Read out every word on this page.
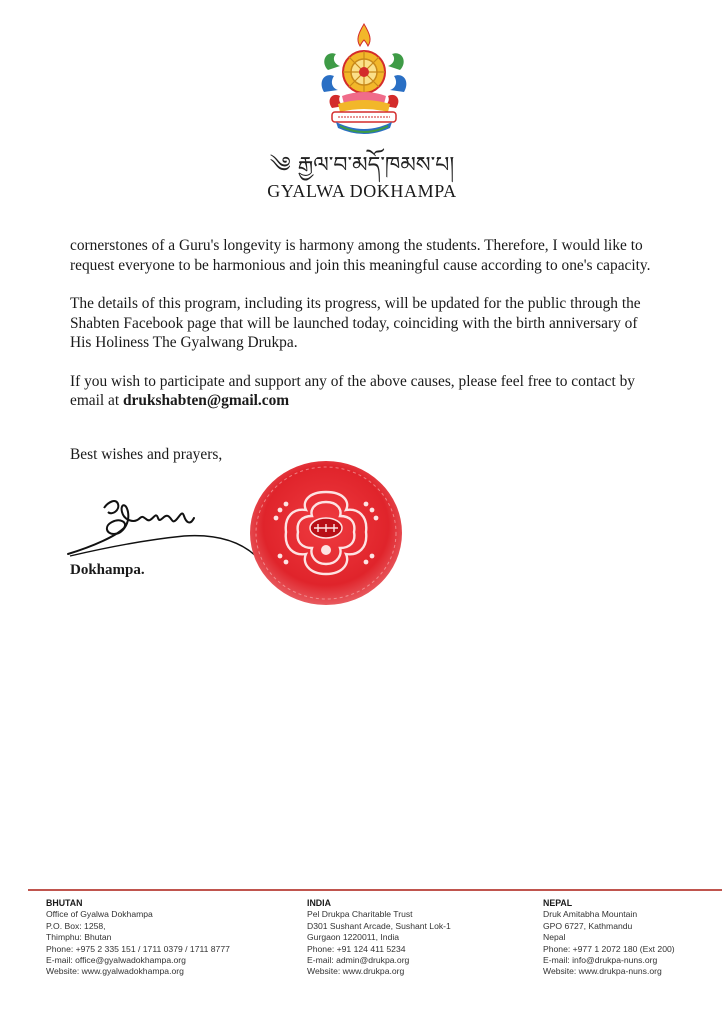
༄ རྒྱལ་བ་མདོ་ཁམས་པ།
GYALWA DOKHAMPA

cornerstones of a Guru's longevity is harmony among the students. Therefore, I would like to request everyone to be harmonious and join this meaningful cause according to one's capacity.

The details of this program, including its progress, will be updated for the public through the Shabten Facebook page that will be launched today, coinciding with the birth anniversary of His Holiness The Gyalwang Drukpa.

If you wish to participate and support any of the above causes, please feel free to contact by email at drukshabten@gmail.com

Best wishes and prayers,
Dokhampa.
BHUTAN
Office of Gyalwa Dokhampa
P.O. Box: 1258,
Thimphu: Bhutan
Phone: +975 2 335 151 / 1711 0379 / 1711 8777
E-mail: office@gyalwadokhampa.org
Website: www.gyalwadokhampa.org
INDIA
Pel Drukpa Charitable Trust
D301 Sushant Arcade, Sushant Lok-1
Gurgaon 1220011, India
Phone: +91 124 411 5234
E-mail: admin@drukpa.org
Website: www.drukpa.org
NEPAL
Druk Amitabha Mountain
GPO 6727, Kathmandu
Nepal
Phone: +977 1 2072 180 (Ext 200)
E-mail: info@drukpa-nuns.org
Website: www.drukpa-nuns.org
